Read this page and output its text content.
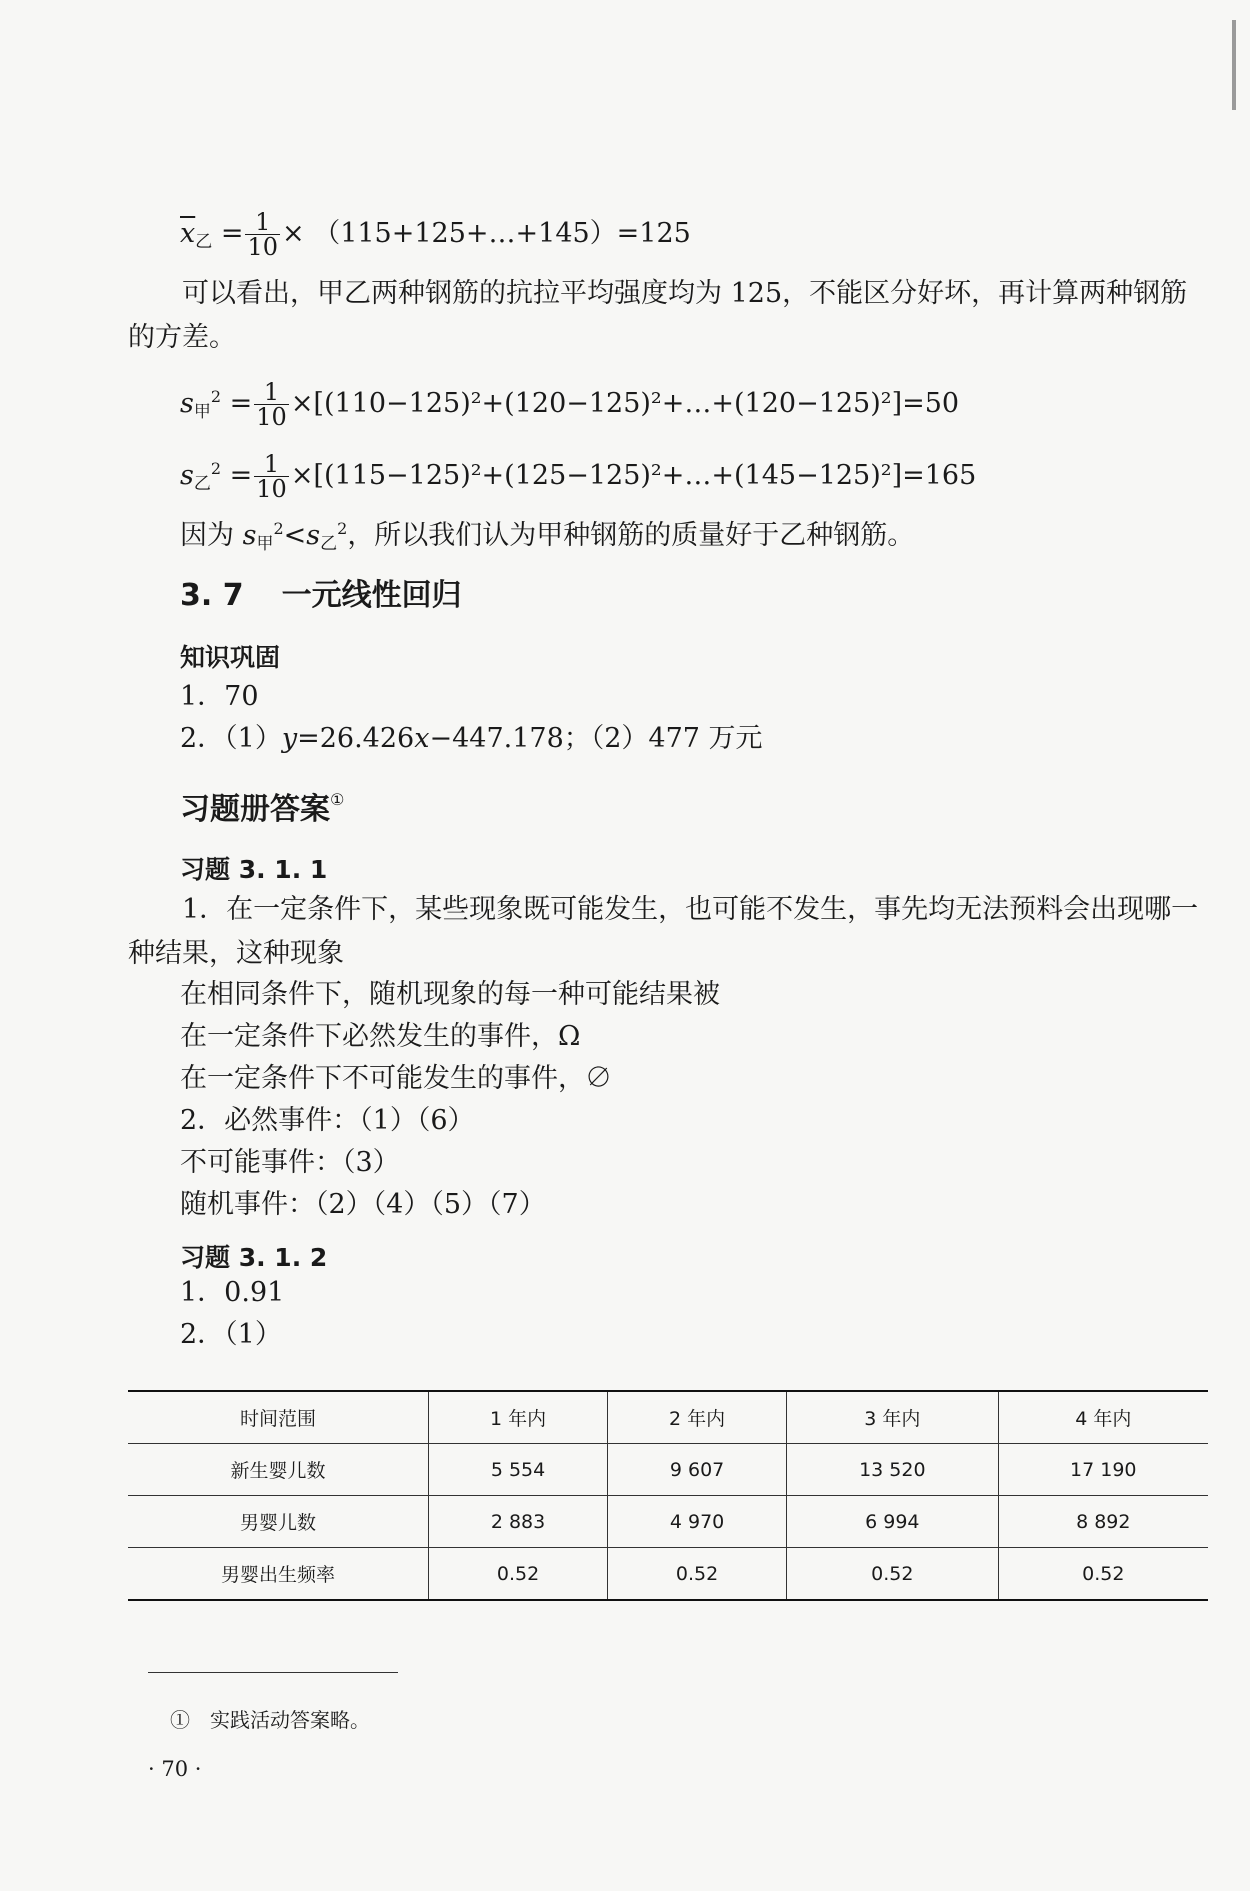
$\overline{x}_乙 = \frac{1}{10}$ × （115+125+…+145）=125
可以看出，甲乙两种钢筋的抗拉平均强度均为 125，不能区分好坏，再计算两种钢筋的方差。
$s_甲^2 = \frac{1}{10}$ ×[(110−125)²+(120−125)²+…+(120−125)²]=50
$s_乙^2 = \frac{1}{10}$ ×[(115−125)²+(125−125)²+…+(145−125)²]=165
因为 $s_甲^2<s_乙^2$，所以我们认为甲种钢筋的质量好于乙种钢筋。
3. 7 一元线性回归
知识巩固
1．70
2．（1）y=26.426x−447.178；（2）477 万元
习题册答案①
习题 3. 1. 1
1．在一定条件下，某些现象既可能发生，也可能不发生，事先均无法预料会出现哪一种结果，这种现象
在相同条件下，随机现象的每一种可能结果被
在一定条件下必然发生的事件，Ω
在一定条件下不可能发生的事件，∅
2．必然事件：（1）（6）
不可能事件：（3）
随机事件：（2）（4）（5）（7）
习题 3. 1. 2
1．0.91
2．（1）
时间范围	1 年内	2 年内	3 年内	4 年内
新生婴儿数	5 554	9 607	13 520	17 190
男婴儿数	2 883	4 970	6 994	8 892
男婴出生频率	0.52	0.52	0.52	0.52
①　实践活动答案略。
· 70 ·
